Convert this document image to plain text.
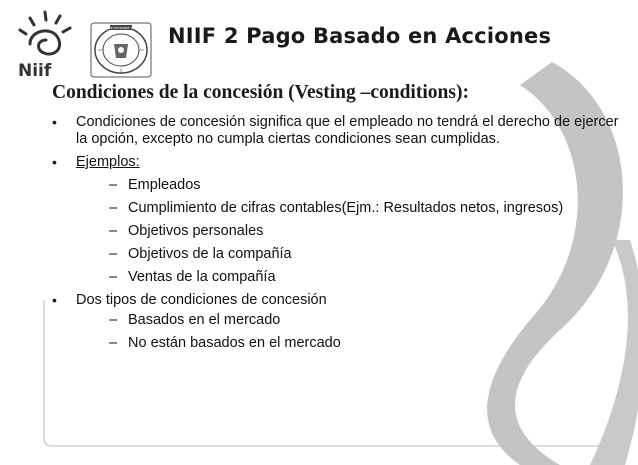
Niif
27 DE SEPTIEMBRE 1875 NIIF 2 Pago Basado en Acciones
Condiciones de la concesión (Vesting –conditions):
• Condiciones de concesión significa que el empleado no tendrá el derecho de ejercer la opción, excepto no cumpla ciertas condiciones sean cumplidas.
• Ejemplos:
– Empleados
– Cumplimiento de cifras contables(Ejm.: Resultados netos, ingresos)
– Objetivos personales
– Objetivos de la compañía
– Ventas de la compañía
• Dos tipos de condiciones de concesión
– Basados en el mercado
– No están basados en el mercado
